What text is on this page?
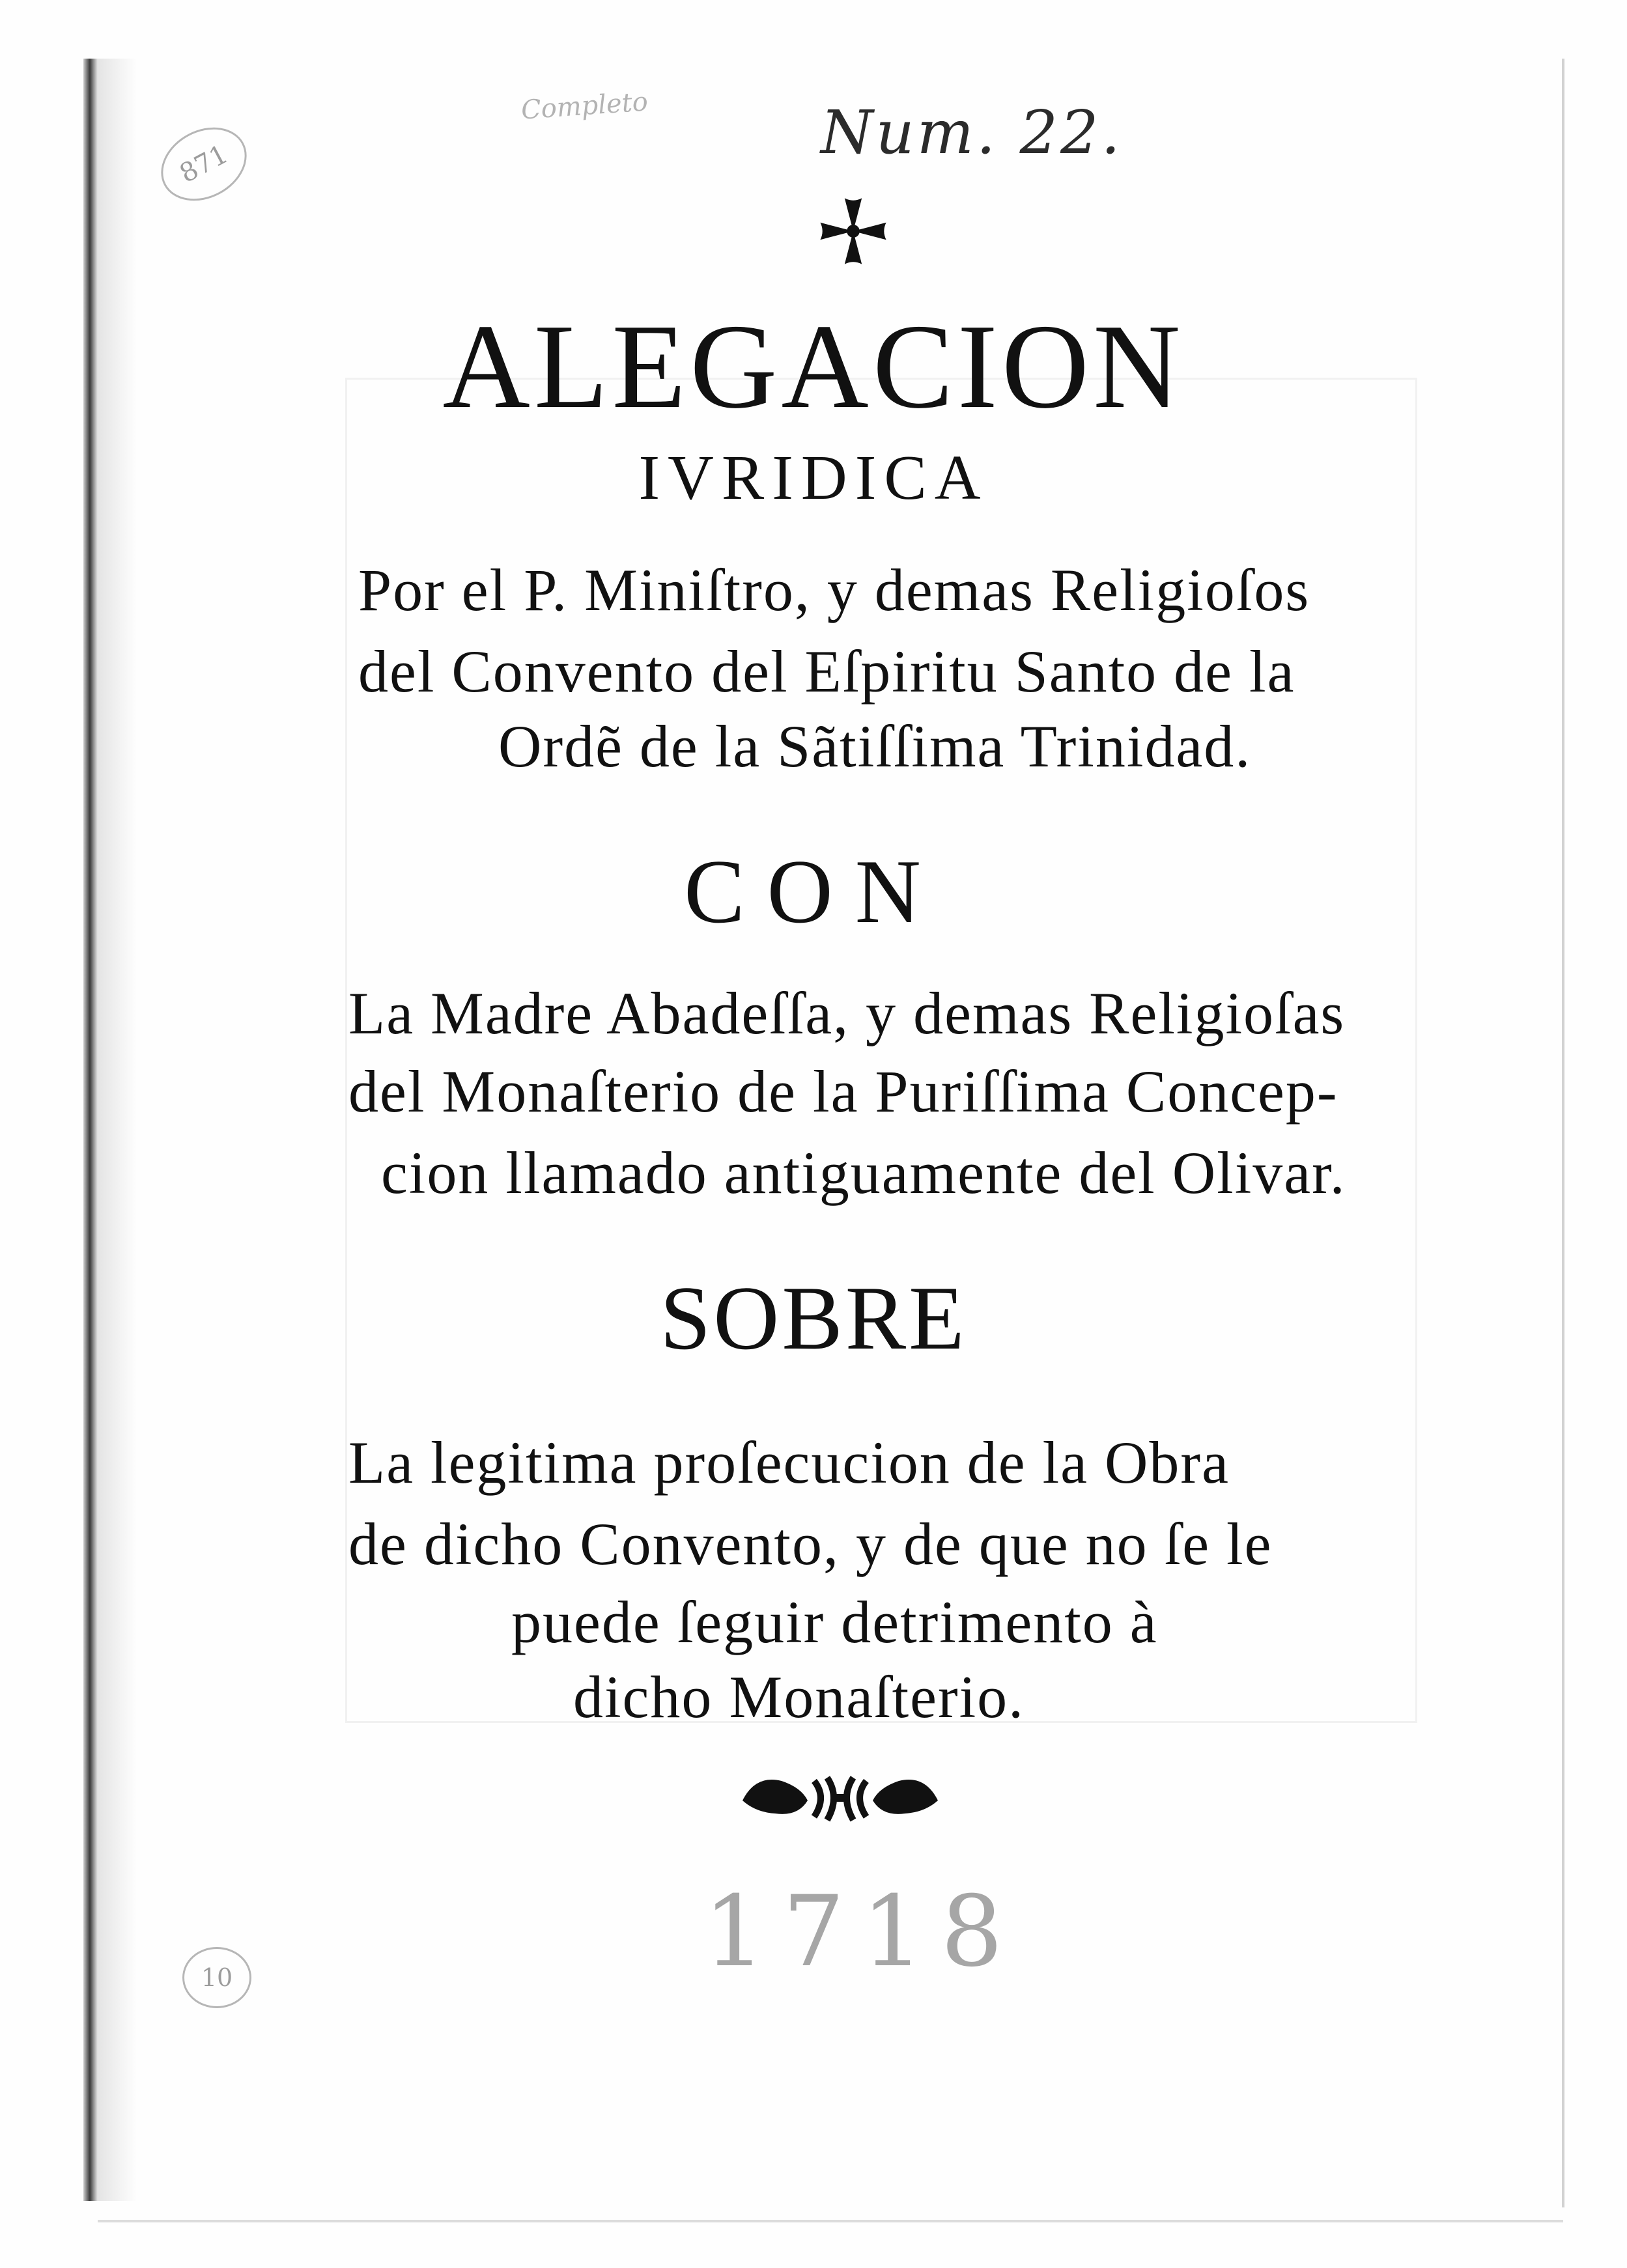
871
Completo	Num. 22.
10	1718
ALEGACION
IVRIDICA
Por el P. Miniſtro, y demas Religioſos
del Convento del Eſpiritu Santo de la
Ordẽ de la Sãtiſſima Trinidad.
CON
La Madre Abadeſſa, y demas Religioſas
del Monaſterio de la Puriſſima Concep-
cion llamado antiguamente del Olivar.
SOBRE
La legitima proſecucion de la Obra
de dicho Convento, y de que no ſe le
puede ſeguir detrimento à
dicho Monaſterio.
